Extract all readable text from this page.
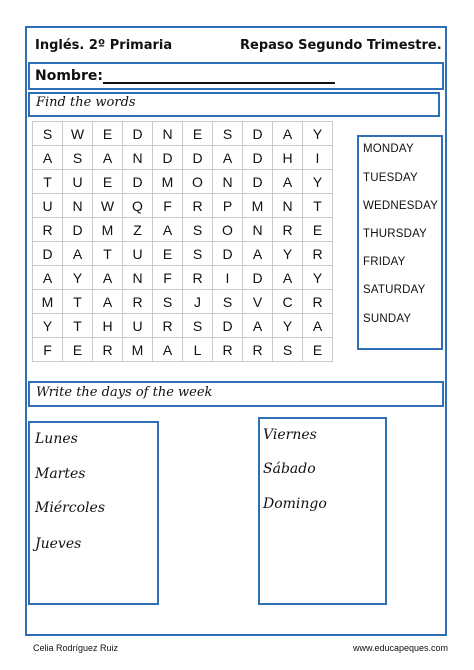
Inglés. 2º Primaria	Repaso Segundo Trimestre.
Nombre:
Find the words
S	W	E	D	N	E	S	D	A	Y
A	S	A	N	D	D	A	D	H	I
T	U	E	D	M	O	N	D	A	Y
U	N	W	Q	F	R	P	M	N	T
R	D	M	Z	A	S	O	N	R	E
D	A	T	U	E	S	D	A	Y	R
A	Y	A	N	F	R	I	D	A	Y
M	T	A	R	S	J	S	V	C	R
Y	T	H	U	R	S	D	A	Y	A
F	E	R	M	A	L	R	R	S	E
MONDAY
TUESDAY
WEDNESDAY
THURSDAY
FRIDAY
SATURDAY
SUNDAY
Write the days of the week
Lunes
Martes
Miércoles
Jueves
Viernes
Sábado
Domingo
Celia Rodríguez Ruiz	www.educapeques.com
